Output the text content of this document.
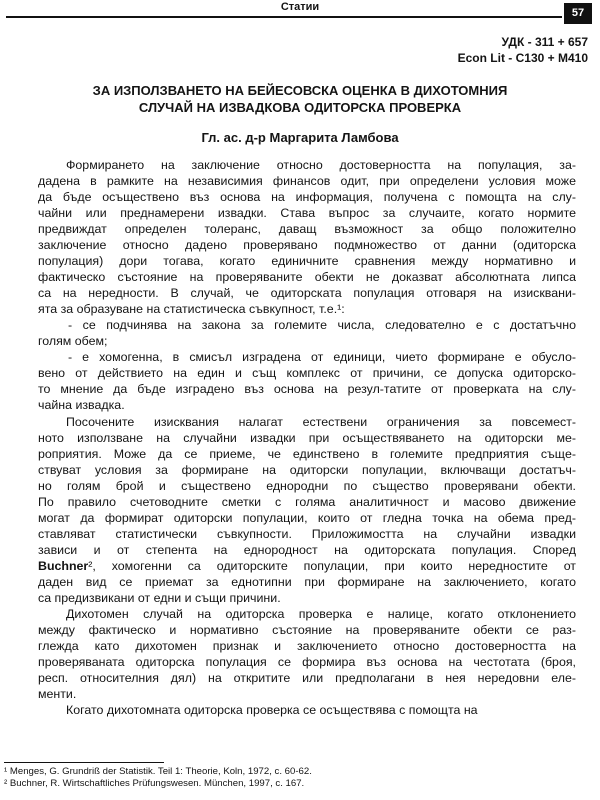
Статии	57
УДК - 311 + 657
Econ Lit - C130 + M410
ЗА ИЗПОЛЗВАНЕТО НА БЕЙЕСОВСКА ОЦЕНКА В ДИХОТОМНИЯ
СЛУЧАЙ НА ИЗВАДКОВА ОДИТОРСКА ПРОВЕРКА
Гл. ас. д-р Маргарита Ламбова
Формирането на заключение относно достоверността на популация, за-
дадена в рамките на независимия финансов одит, при определени условия може
да бъде осъществено въз основа на информация, получена с помощта на слу-
чайни или преднамерени извадки. Става въпрос за случаите, когато нормите
предвиждат определен толеранс, даващ възможност за общо положително
заключение относно дадено проверявано подмножество от данни (одиторска
популация) дори тогава, когато единичните сравнения между нормативно и
фактическо състояние на проверяваните обекти не доказват абсолютната липса
са на нередности. В случай, че одиторската популация отговаря на изисквани-
ята за образуване на статистическа съвкупност, т.е.¹:
- се подчинява на закона за големите числа, следователно е с достатъчно
голям обем;
- е хомогенна, в смисъл изградена от единици, чието формиране е обусло-
вено от действието на един и същ комплекс от причини, се допуска одиторско-
то мнение да бъде изградено въз основа на резул-татите от проверката на слу-
чайна извадка.
Посочените изисквания налагат естествени ограничения за повсемест-
ното използване на случайни извадки при осъществяването на одиторски ме-
роприятия. Може да се приеме, че единствено в големите предприятия същe-
ствуват условия за формиране на одиторски популации, включващи достатъч-
но голям брой и съществено еднородни по същество проверявани обекти.
По правило счетоводните сметки с голяма аналитичност и масово движение
могат да формират одиторски популации, които от гледна точка на обема пред-
ставляват статистически съвкупности. Приложимостта на случайни извадки
зависи и от степента на еднородност на одиторската популация. Според
Buchner², хомогенни са одиторските популации, при които нередностите от
даден вид се приемат за еднотипни при формиране на заключението, когато
са предизвикани от едни и същи причини.
Дихотомен случай на одиторска проверка е налице, когато отклонението
между фактическо и нормативно състояние на проверяваните обекти се раз-
глежда като дихотомен признак и заключението относно достоверността на
проверяваната одиторска популация се формира въз основа на честотата (броя,
респ. относителния дял) на откритите или предполагани в нея нередовни еле-
менти.
Когато дихотомната одиторска проверка се осъществява с помощта на
¹ Menges, G. Grundriß der Statistik. Teil 1: Theorie, Koln, 1972, c. 60-62.
² Buchner, R. Wirtschaftliches Prüfungswesen. München, 1997, c. 167.
